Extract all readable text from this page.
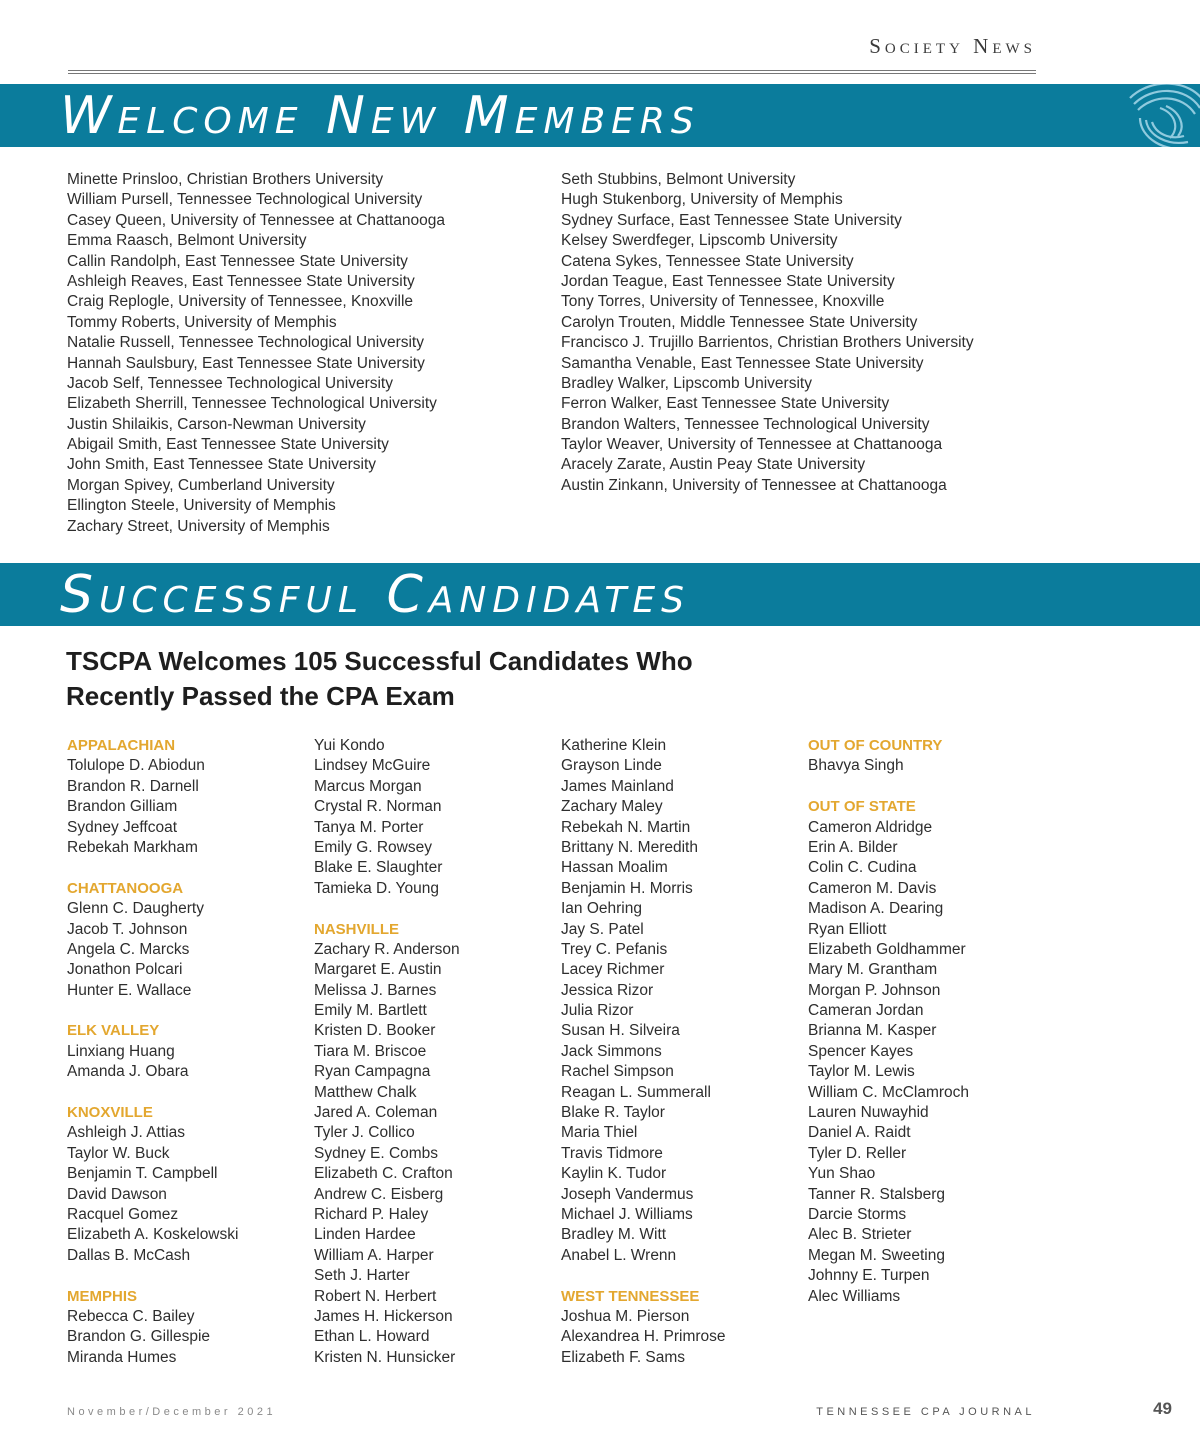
Society News
Welcome New Members
Minette Prinsloo, Christian Brothers University
William Pursell, Tennessee Technological University
Casey Queen, University of Tennessee at Chattanooga
Emma Raasch, Belmont University
Callin Randolph, East Tennessee State University
Ashleigh Reaves, East Tennessee State University
Craig Replogle, University of Tennessee, Knoxville
Tommy Roberts, University of Memphis
Natalie Russell, Tennessee Technological University
Hannah Saulsbury, East Tennessee State University
Jacob Self, Tennessee Technological University
Elizabeth Sherrill, Tennessee Technological University
Justin Shilaikis, Carson-Newman University
Abigail Smith, East Tennessee State University
John Smith, East Tennessee State University
Morgan Spivey, Cumberland University
Ellington Steele, University of Memphis
Zachary Street, University of Memphis
Seth Stubbins, Belmont University
Hugh Stukenborg, University of Memphis
Sydney Surface, East Tennessee State University
Kelsey Swerdfeger, Lipscomb University
Catena Sykes, Tennessee State University
Jordan Teague, East Tennessee State University
Tony Torres, University of Tennessee, Knoxville
Carolyn Trouten, Middle Tennessee State University
Francisco J. Trujillo Barrientos, Christian Brothers University
Samantha Venable, East Tennessee State University
Bradley Walker, Lipscomb University
Ferron Walker, East Tennessee State University
Brandon Walters, Tennessee Technological University
Taylor Weaver, University of Tennessee at Chattanooga
Aracely Zarate, Austin Peay State University
Austin Zinkann, University of Tennessee at Chattanooga
Successful Candidates
TSCPA Welcomes 105 Successful Candidates Who Recently Passed the CPA Exam
APPALACHIAN
Tolulope D. Abiodun
Brandon R. Darnell
Brandon Gilliam
Sydney Jeffcoat
Rebekah Markham
CHATTANOOGA
Glenn C. Daugherty
Jacob T. Johnson
Angela C. Marcks
Jonathon Polcari
Hunter E. Wallace
ELK VALLEY
Linxiang Huang
Amanda J. Obara
KNOXVILLE
Ashleigh J. Attias
Taylor W. Buck
Benjamin T. Campbell
David Dawson
Racquel Gomez
Elizabeth A. Koskelowski
Dallas B. McCash
MEMPHIS
Rebecca C. Bailey
Brandon G. Gillespie
Miranda Humes
Yui Kondo
Lindsey McGuire
Marcus Morgan
Crystal R. Norman
Tanya M. Porter
Emily G. Rowsey
Blake E. Slaughter
Tamieka D. Young
NASHVILLE
Zachary R. Anderson
Margaret E. Austin
Melissa J. Barnes
Emily M. Bartlett
Kristen D. Booker
Tiara M. Briscoe
Ryan Campagna
Matthew Chalk
Jared A. Coleman
Tyler J. Collico
Sydney E. Combs
Elizabeth C. Crafton
Andrew C. Eisberg
Richard P. Haley
Linden Hardee
William A. Harper
Seth J. Harter
Robert N. Herbert
James H. Hickerson
Ethan L. Howard
Kristen N. Hunsicker
Katherine Klein
Grayson Linde
James Mainland
Zachary Maley
Rebekah N. Martin
Brittany N. Meredith
Hassan Moalim
Benjamin H. Morris
Ian Oehring
Jay S. Patel
Trey C. Pefanis
Lacey Richmer
Jessica Rizor
Julia Rizor
Susan H. Silveira
Jack Simmons
Rachel Simpson
Reagan L. Summerall
Blake R. Taylor
Maria Thiel
Travis Tidmore
Kaylin K. Tudor
Joseph Vandermus
Michael J. Williams
Bradley M. Witt
Anabel L. Wrenn
WEST TENNESSEE
Joshua M. Pierson
Alexandrea H. Primrose
Elizabeth F. Sams
OUT OF COUNTRY
Bhavya Singh
OUT OF STATE
Cameron Aldridge
Erin A. Bilder
Colin C. Cudina
Cameron M. Davis
Madison A. Dearing
Ryan Elliott
Elizabeth Goldhammer
Mary M. Grantham
Morgan P. Johnson
Cameran Jordan
Brianna M. Kasper
Spencer Kayes
Taylor M. Lewis
William C. McClamroch
Lauren Nuwayhid
Daniel A. Raidt
Tyler D. Reller
Yun Shao
Tanner R. Stalsberg
Darcie Storms
Alec B. Strieter
Megan M. Sweeting
Johnny E. Turpen
Alec Williams
November/December 2021	TENNESSEE CPA JOURNAL	49
